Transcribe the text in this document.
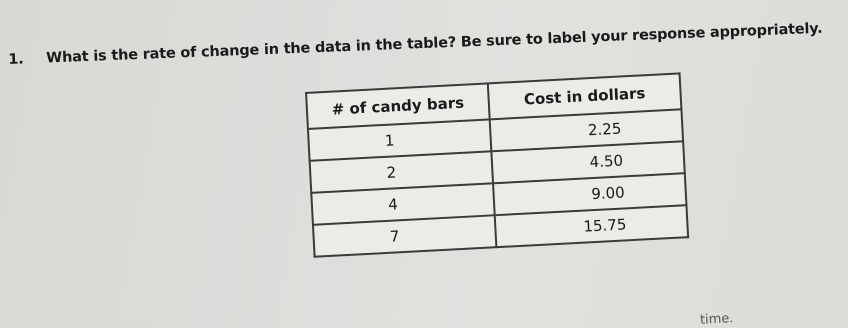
1. What is the rate of change in the data in the table? Be sure to label your response appropriately.
# of candy bars	Cost in dollars
1	2.25
2	4.50
4	9.00
7	15.75
time.
